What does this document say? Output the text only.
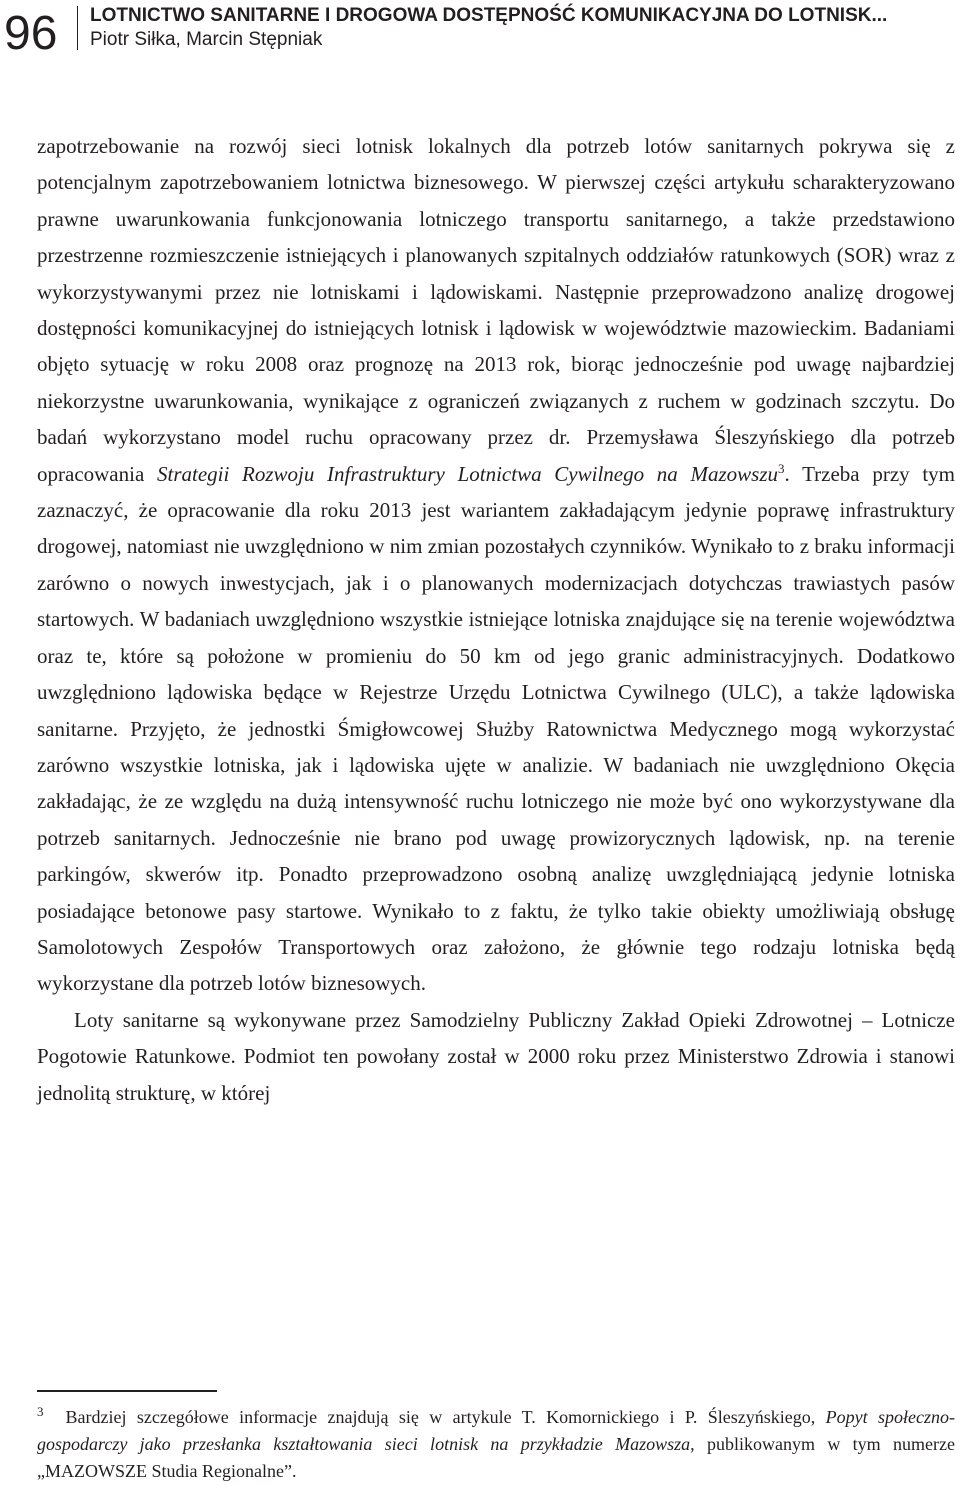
96 LOTNICTWO SANITARNE I DROGOWA DOSTĘPNOŚĆ KOMUNIKACYJNA DO LOTNISK...
Piotr Siłka, Marcin Stępniak

zapotrzebowanie na rozwój sieci lotnisk lokalnych dla potrzeb lotów sanitarnych pokrywa się z potencjalnym zapotrzebowaniem lotnictwa biznesowego. W pierwszej części artykułu scharakteryzowano prawne uwarunkowania funkcjonowania lotniczego transportu sanitarnego, a także przedstawiono przestrzenne rozmieszczenie istniejących i planowanych szpitalnych oddziałów ratunkowych (SOR) wraz z wykorzystywanymi przez nie lotniskami i lądowiskami. Następnie przeprowadzono analizę drogowej dostępności komunikacyjnej do istniejących lotnisk i lądowisk w województwie mazowieckim. Badaniami objęto sytuację w roku 2008 oraz prognozę na 2013 rok, biorąc jednocześnie pod uwagę najbardziej niekorzystne uwarunkowania, wynikające z ograniczeń związanych z ruchem w godzinach szczytu. Do badań wykorzystano model ruchu opracowany przez dr. Przemysława Śleszyńskiego dla potrzeb opracowania Strategii Rozwoju Infrastruktury Lotnictwa Cywilnego na Mazowszu$^3$. Trzeba przy tym zaznaczyć, że opracowanie dla roku 2013 jest wariantem zakładającym jedynie poprawę infrastruktury drogowej, natomiast nie uwzględniono w nim zmian pozostałych czynników. Wynikało to z braku informacji zarówno o nowych inwestycjach, jak i o planowanych modernizacjach dotychczas trawiastych pasów startowych. W badaniach uwzględniono wszystkie istniejące lotniska znajdujące się na terenie województwa oraz te, które są położone w promieniu do 50 km od jego granic administracyjnych. Dodatkowo uwzględniono lądowiska będące w Rejestrze Urzędu Lotnictwa Cywilnego (ULC), a także lądowiska sanitarne. Przyjęto, że jednostki Śmigłowcowej Służby Ratownictwa Medycznego mogą wykorzystać zarówno wszystkie lotniska, jak i lądowiska ujęte w analizie. W badaniach nie uwzględniono Okęcia zakładając, że ze względu na dużą intensywność ruchu lotniczego nie może być ono wykorzystywane dla potrzeb sanitarnych. Jednocześnie nie brano pod uwagę prowizorycznych lądowisk, np. na terenie parkingów, skwerów itp. Ponadto przeprowadzono osobną analizę uwzględniającą jedynie lotniska posiadające betonowe pasy startowe. Wynikało to z faktu, że tylko takie obiekty umożliwiają obsługę Samolotowych Zespołów Transportowych oraz założono, że głównie tego rodzaju lotniska będą wykorzystane dla potrzeb lotów biznesowych.

Loty sanitarne są wykonywane przez Samodzielny Publiczny Zakład Opieki Zdrowotnej – Lotnicze Pogotowie Ratunkowe. Podmiot ten powołany został w 2000 roku przez Ministerstwo Zdrowia i stanowi jednolitą strukturę, w której

$^3$ Bardziej szczegółowe informacje znajdują się w artykule T. Komornickiego i P. Śleszyńskiego, Popyt społeczno-gospodarczy jako przesłanka kształtowania sieci lotnisk na przykładzie Mazowsza, publikowanym w tym numerze „MAZOWSZE Studia Regionalne”.
